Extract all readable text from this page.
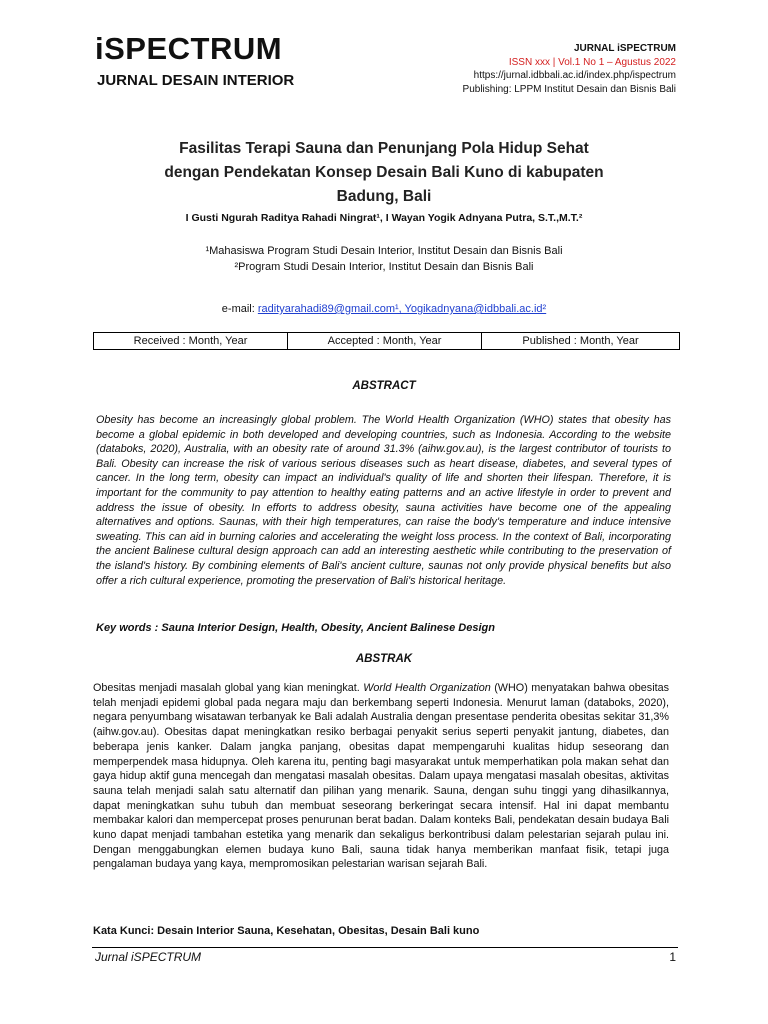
iSPECTRUM
JURNAL DESAIN INTERIOR
JURNAL iSPECTRUM
ISSN xxx | Vol.1 No 1 – Agustus 2022
https://jurnal.idbbali.ac.id/index.php/ispectrum
Publishing: LPPM Institut Desain dan Bisnis Bali
Fasilitas Terapi Sauna dan Penunjang Pola Hidup Sehat
dengan Pendekatan Konsep Desain Bali Kuno di kabupaten
Badung, Bali
I Gusti Ngurah Raditya Rahadi Ningrat¹, I Wayan Yogik Adnyana Putra, S.T.,M.T.²
¹Mahasiswa Program Studi Desain Interior, Institut Desain dan Bisnis Bali
²Program Studi Desain Interior, Institut Desain dan Bisnis Bali
e-mail: radityarahadi89@gmail.com¹, Yogikadnyana@idbbali.ac.id²
Received : Month, Year	Accepted : Month, Year	Published : Month, Year
ABSTRACT
Obesity has become an increasingly global problem. The World Health Organization (WHO) states that obesity has become a global epidemic in both developed and developing countries, such as Indonesia. According to the website (databoks, 2020), Australia, with an obesity rate of around 31.3% (aihw.gov.au), is the largest contributor of tourists to Bali. Obesity can increase the risk of various serious diseases such as heart disease, diabetes, and several types of cancer. In the long term, obesity can impact an individual's quality of life and shorten their lifespan. Therefore, it is important for the community to pay attention to healthy eating patterns and an active lifestyle in order to prevent and address the issue of obesity. In efforts to address obesity, sauna activities have become one of the appealing alternatives and options. Saunas, with their high temperatures, can raise the body's temperature and induce intensive sweating. This can aid in burning calories and accelerating the weight loss process. In the context of Bali, incorporating the ancient Balinese cultural design approach can add an interesting aesthetic while contributing to the preservation of the island's history. By combining elements of Bali's ancient culture, saunas not only provide physical benefits but also offer a rich cultural experience, promoting the preservation of Bali's historical heritage.
Key words : Sauna Interior Design, Health, Obesity, Ancient Balinese Design
ABSTRAK
Obesitas menjadi masalah global yang kian meningkat. World Health Organization (WHO) menyatakan bahwa obesitas telah menjadi epidemi global pada negara maju dan berkembang seperti Indonesia. Menurut laman (databoks, 2020), negara penyumbang wisatawan terbanyak ke Bali adalah Australia dengan presentase penderita obesitas sekitar 31,3% (aihw.gov.au). Obesitas dapat meningkatkan resiko berbagai penyakit serius seperti penyakit jantung, diabetes, dan beberapa jenis kanker. Dalam jangka panjang, obesitas dapat mempengaruhi kualitas hidup seseorang dan memperpendek masa hidupnya. Oleh karena itu, penting bagi masyarakat untuk memperhatikan pola makan sehat dan gaya hidup aktif guna mencegah dan mengatasi masalah obesitas. Dalam upaya mengatasi masalah obesitas, aktivitas sauna telah menjadi salah satu alternatif dan pilihan yang menarik. Sauna, dengan suhu tinggi yang dihasilkannya, dapat meningkatkan suhu tubuh dan membuat seseorang berkeringat secara intensif. Hal ini dapat membantu membakar kalori dan mempercepat proses penurunan berat badan. Dalam konteks Bali, pendekatan desain budaya Bali kuno dapat menjadi tambahan estetika yang menarik dan sekaligus berkontribusi dalam pelestarian sejarah pulau ini. Dengan menggabungkan elemen budaya kuno Bali, sauna tidak hanya memberikan manfaat fisik, tetapi juga pengalaman budaya yang kaya, mempromosikan pelestarian warisan sejarah Bali.
Kata Kunci: Desain Interior Sauna, Kesehatan, Obesitas, Desain Bali kuno
Jurnal iSPECTRUM	1
